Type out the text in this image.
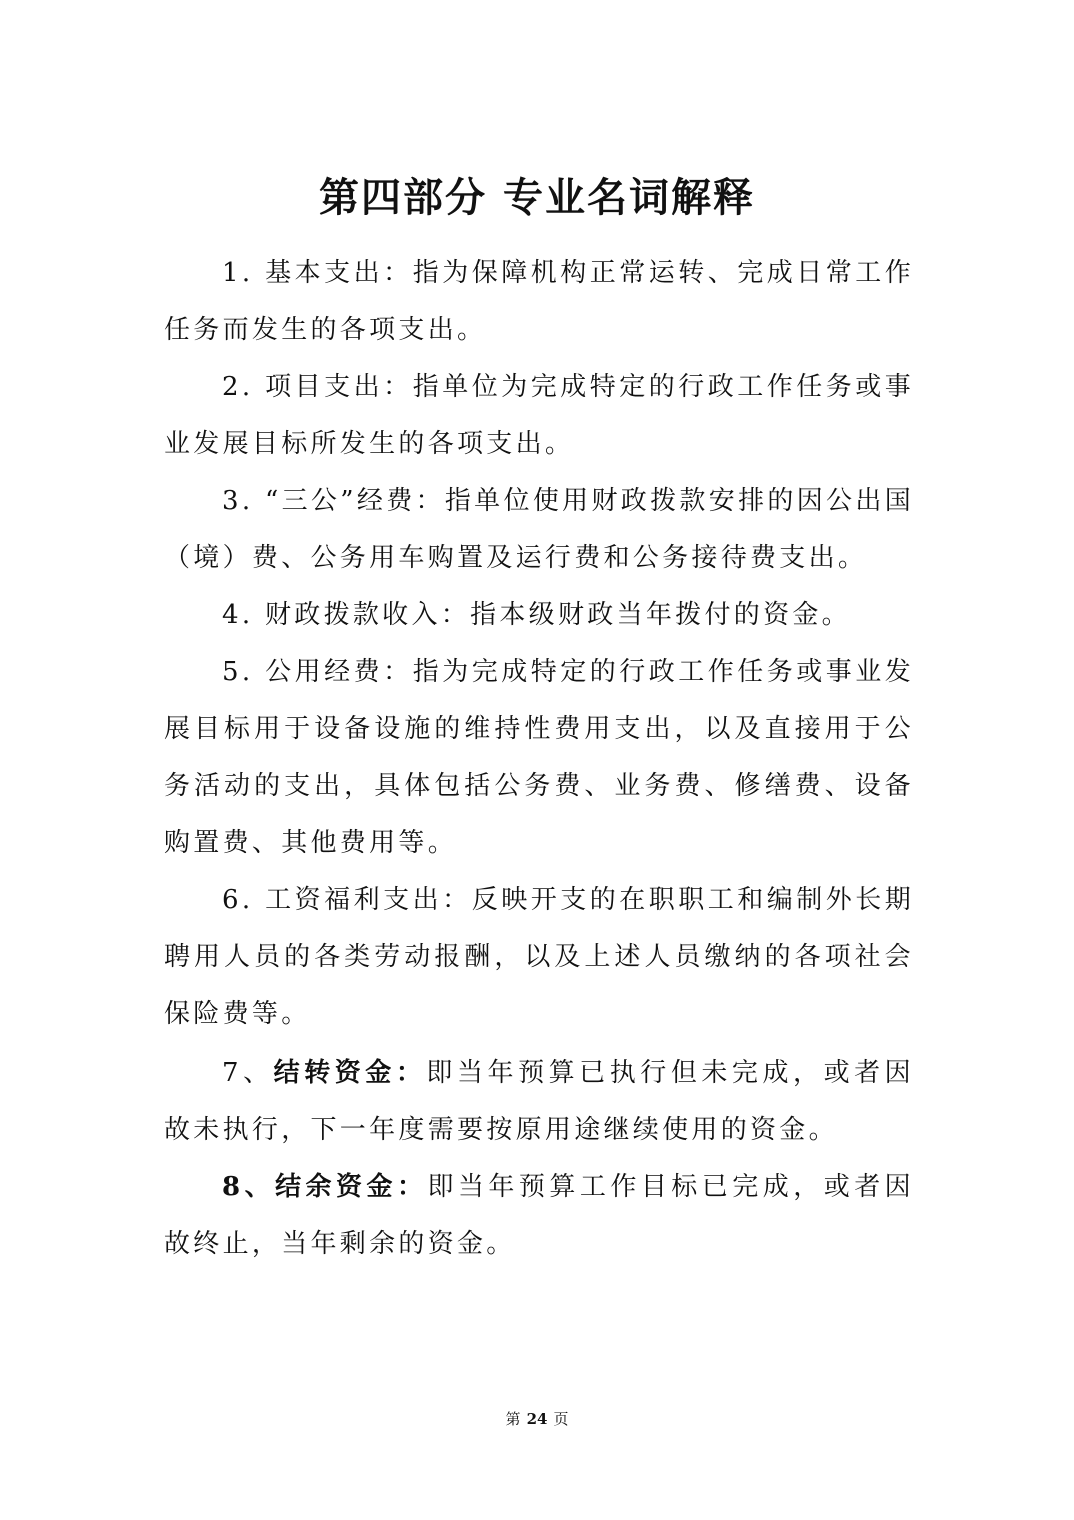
第四部分 专业名词解释

1. 基本支出：指为保障机构正常运转、完成日常工作任务而发生的各项支出。

2. 项目支出：指单位为完成特定的行政工作任务或事业发展目标所发生的各项支出。

3. “三公”经费：指单位使用财政拨款安排的因公出国（境）费、公务用车购置及运行费和公务接待费支出。

4. 财政拨款收入：指本级财政当年拨付的资金。

5. 公用经费：指为完成特定的行政工作任务或事业发展目标用于设备设施的维持性费用支出，以及直接用于公务活动的支出，具体包括公务费、业务费、修缮费、设备购置费、其他费用等。

6. 工资福利支出：反映开支的在职职工和编制外长期聘用人员的各类劳动报酬，以及上述人员缴纳的各项社会保险费等。

7、结转资金：即当年预算已执行但未完成，或者因故未执行，下一年度需要按原用途继续使用的资金。

8、结余资金：即当年预算工作目标已完成，或者因故终止，当年剩余的资金。

第 24 页
